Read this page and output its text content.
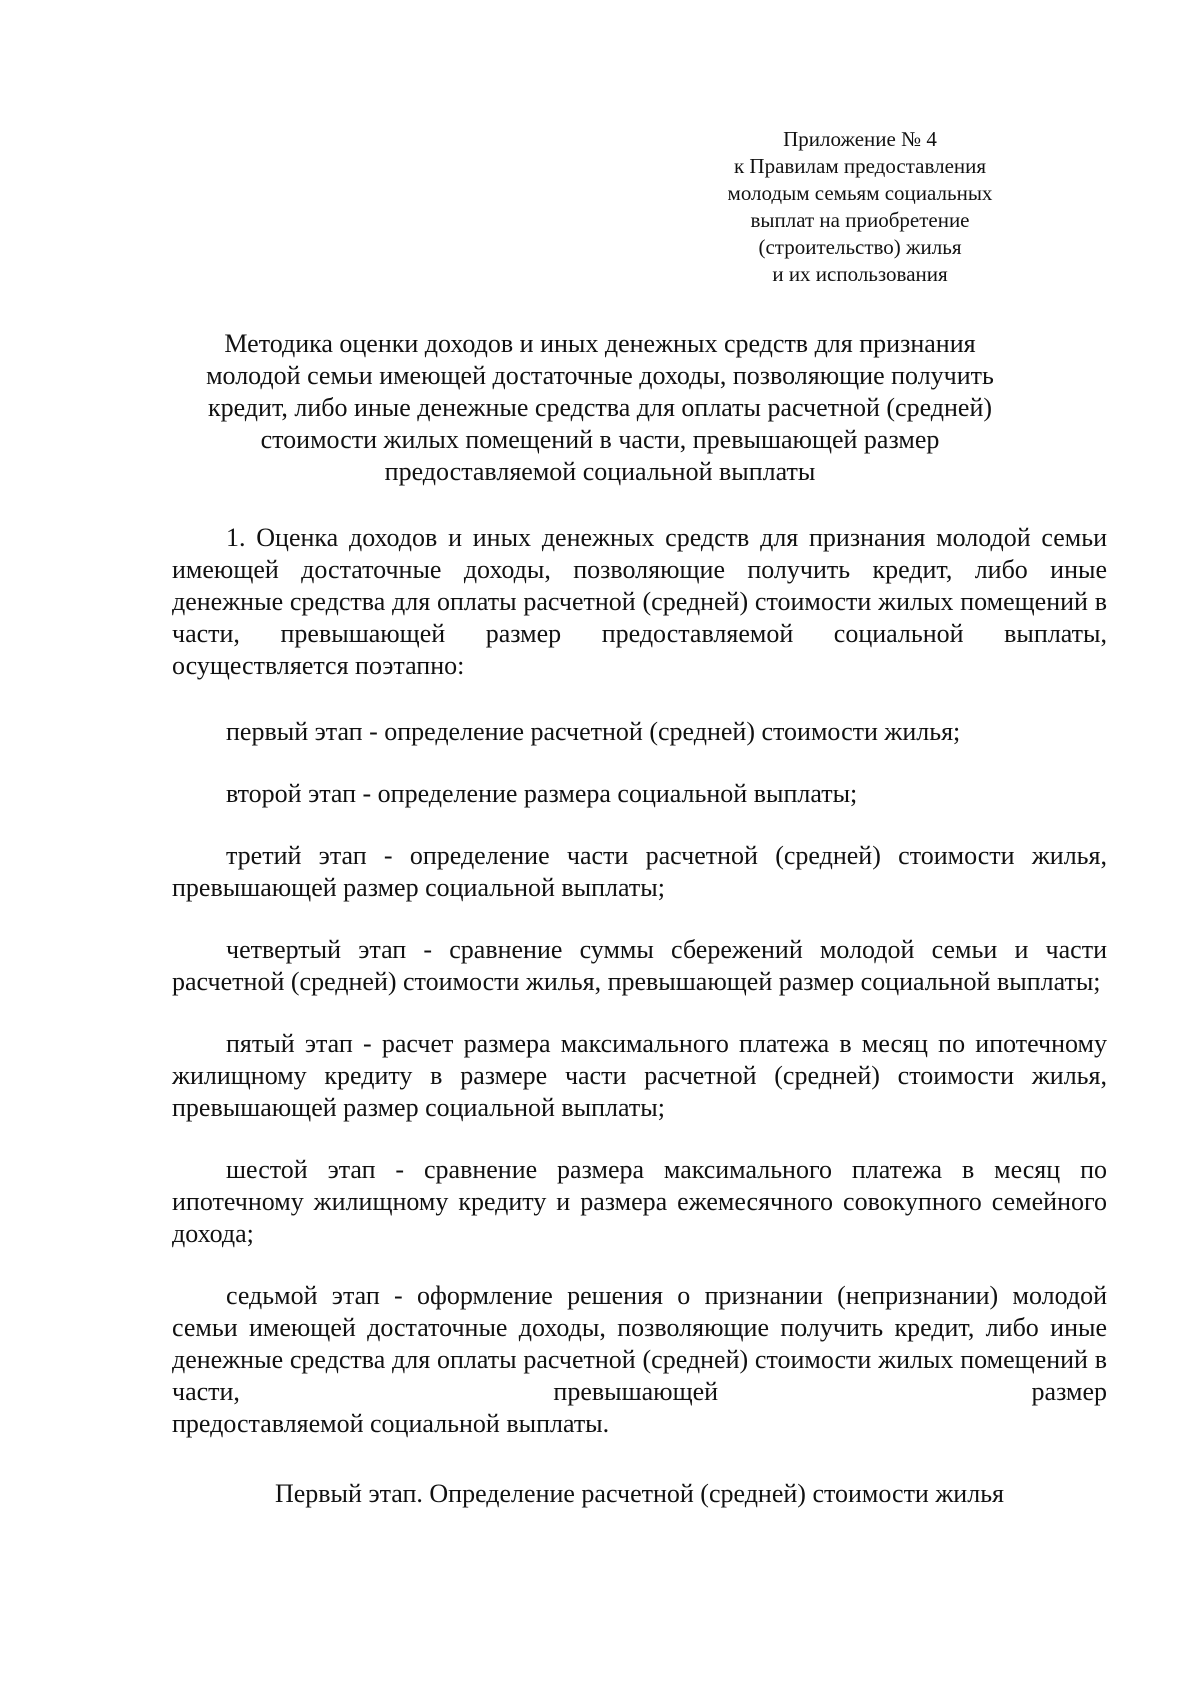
Приложение № 4
к Правилам предоставления
молодым семьям социальных
выплат на приобретение
(строительство) жилья
и их использования
Методика оценки доходов и иных денежных средств для признания
молодой семьи имеющей достаточные доходы, позволяющие получить
кредит, либо иные денежные средства для оплаты расчетной (средней)
стоимости жилых помещений в части, превышающей размер
предоставляемой социальной выплаты

1. Оценка доходов и иных денежных средств для признания молодой семьи имеющей достаточные доходы, позволяющие получить кредит, либо иные денежные средства для оплаты расчетной (средней) стоимости жилых помещений в части, превышающей размер предоставляемой социальной выплаты, осуществляется поэтапно:

первый этап - определение расчетной (средней) стоимости жилья;

второй этап - определение размера социальной выплаты;

третий этап - определение части расчетной (средней) стоимости жилья, превышающей размер социальной выплаты;

четвертый этап - сравнение суммы сбережений молодой семьи и части расчетной (средней) стоимости жилья, превышающей размер социальной выплаты;

пятый этап - расчет размера максимального платежа в месяц по ипотечному жилищному кредиту в размере части расчетной (средней) стоимости жилья, превышающей размер социальной выплаты;

шестой этап - сравнение размера максимального платежа в месяц по ипотечному жилищному кредиту и размера ежемесячного совокупного семейного дохода;

седьмой этап - оформление решения о признании (непризнании) молодой семьи имеющей достаточные доходы, позволяющие получить кредит, либо иные денежные средства для оплаты расчетной (средней) стоимости жилых помещений в части, превышающей размер

предоставляемой социальной выплаты.

Первый этап. Определение расчетной (средней) стоимости жилья
